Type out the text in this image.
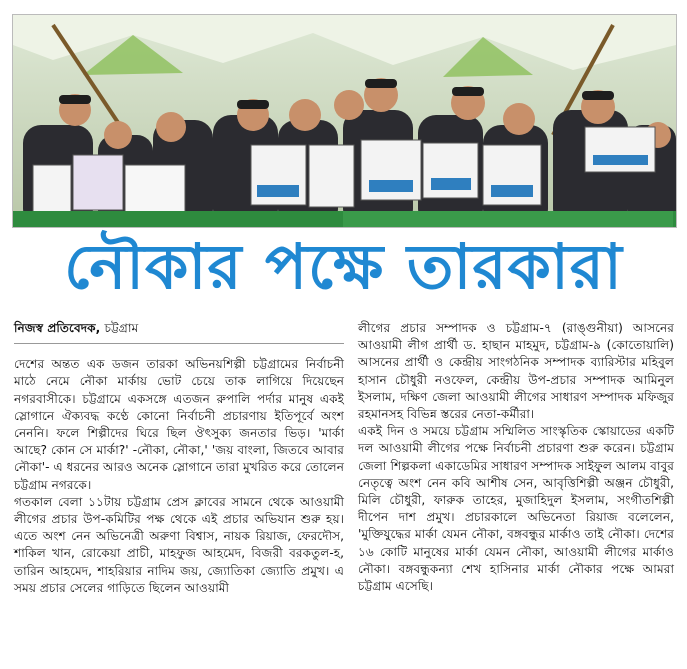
নৌকার পক্ষে তারকারা
নিজস্ব প্রতিবেদক, চট্টগ্রাম

দেশের অন্তত এক ডজন তারকা অভিনয়শিল্পী চট্টগ্রামের নির্বাচনী মাঠে নেমে নৌকা মার্কায় ভোট চেয়ে তাক লাগিয়ে দিয়েছেন নগরবাসীকে। চট্টগ্রামে একসঙ্গে এতজন রুপালি পর্দার মানুষ একই স্লোগানে ঐক্যবদ্ধ কণ্ঠে কোনো নির্বাচনী প্রচারণায় ইতিপূর্বে অংশ নেননি। ফলে শিল্পীদের ঘিরে ছিল ঔৎসুক্য জনতার ভিড়। 'মার্কা আছে? কোন সে মার্কা?' -নৌকা, নৌকা,' 'জয় বাংলা, জিতবে আবার নৌকা'- এ ধরনের আরও অনেক স্লোগানে তারা মুখরিত করে তোলেন চট্টগ্রাম নগরকে।

গতকাল বেলা ১১টায় চট্টগ্রাম প্রেস ক্লাবের সামনে থেকে আওয়ামী লীগের প্রচার উপ-কমিটির পক্ষ থেকে এই প্রচার অভিযান শুরু হয়। এতে অংশ নেন অভিনেত্রী অরুণা বিশ্বাস, নায়ক রিয়াজ, ফেরদৌস, শাকিল খান, রোকেয়া প্রাচী, মাহফুজ আহমেদ, বিজরী বরকতুল-হ, তারিন আহমেদ, শাহরিয়ার নাদিম জয়, জ্যোতিকা জ্যোতি প্রমুখ। এ সময় প্রচার সেলের গাড়িতে ছিলেন আওয়ামী

লীগের প্রচার সম্পাদক ও চট্টগ্রাম-৭ (রাঙ্গুনীয়া) আসনের আওয়ামী লীগ প্রার্থী ড. হাছান মাহমুদ, চট্টগ্রাম-৯ (কোতোয়ালি) আসনের প্রার্থী ও কেন্দ্রীয় সাংগঠনিক সম্পাদক ব্যারিস্টার মহিবুল হাসান চৌধুরী নওফেল, কেন্দ্রীয় উপ-প্রচার সম্পাদক আমিনুল ইসলাম, দক্ষিণ জেলা আওয়ামী লীগের সাধারণ সম্পাদক মফিজুর রহমানসহ বিভিন্ন স্তরের নেতা-কর্মীরা।

একই দিন ও সময়ে চট্টগ্রাম সম্মিলিত সাংস্কৃতিক স্কোয়াডের একটি দল আওয়ামী লীগের পক্ষে নির্বাচনী প্রচারণা শুরু করেন। চট্টগ্রাম জেলা শিল্পকলা একাডেমির সাধারণ সম্পাদক সাইফুল আলম বাবুর নেতৃত্বে অংশ নেন কবি আশীষ সেন, আবৃত্তিশিল্পী অঞ্জন চৌধুরী, মিলি চৌধুরী, ফারুক তাহের, মুজাহিদুল ইসলাম, সংগীতশিল্পী দীপেন দাশ প্রমুখ। প্রচারকালে অভিনেতা রিয়াজ বলেলেন, 'মুক্তিযুদ্ধের মার্কা যেমন নৌকা, বঙ্গবন্ধুর মার্কাও তাই নৌকা। দেশের ১৬ কোটি মানুষের মার্কা যেমন নৌকা, আওয়ামী লীগের মার্কাও নৌকা। বঙ্গবন্ধুকন্যা শেখ হাসিনার মার্কা নৌকার পক্ষে আমরা চট্টগ্রাম এসেছি।
